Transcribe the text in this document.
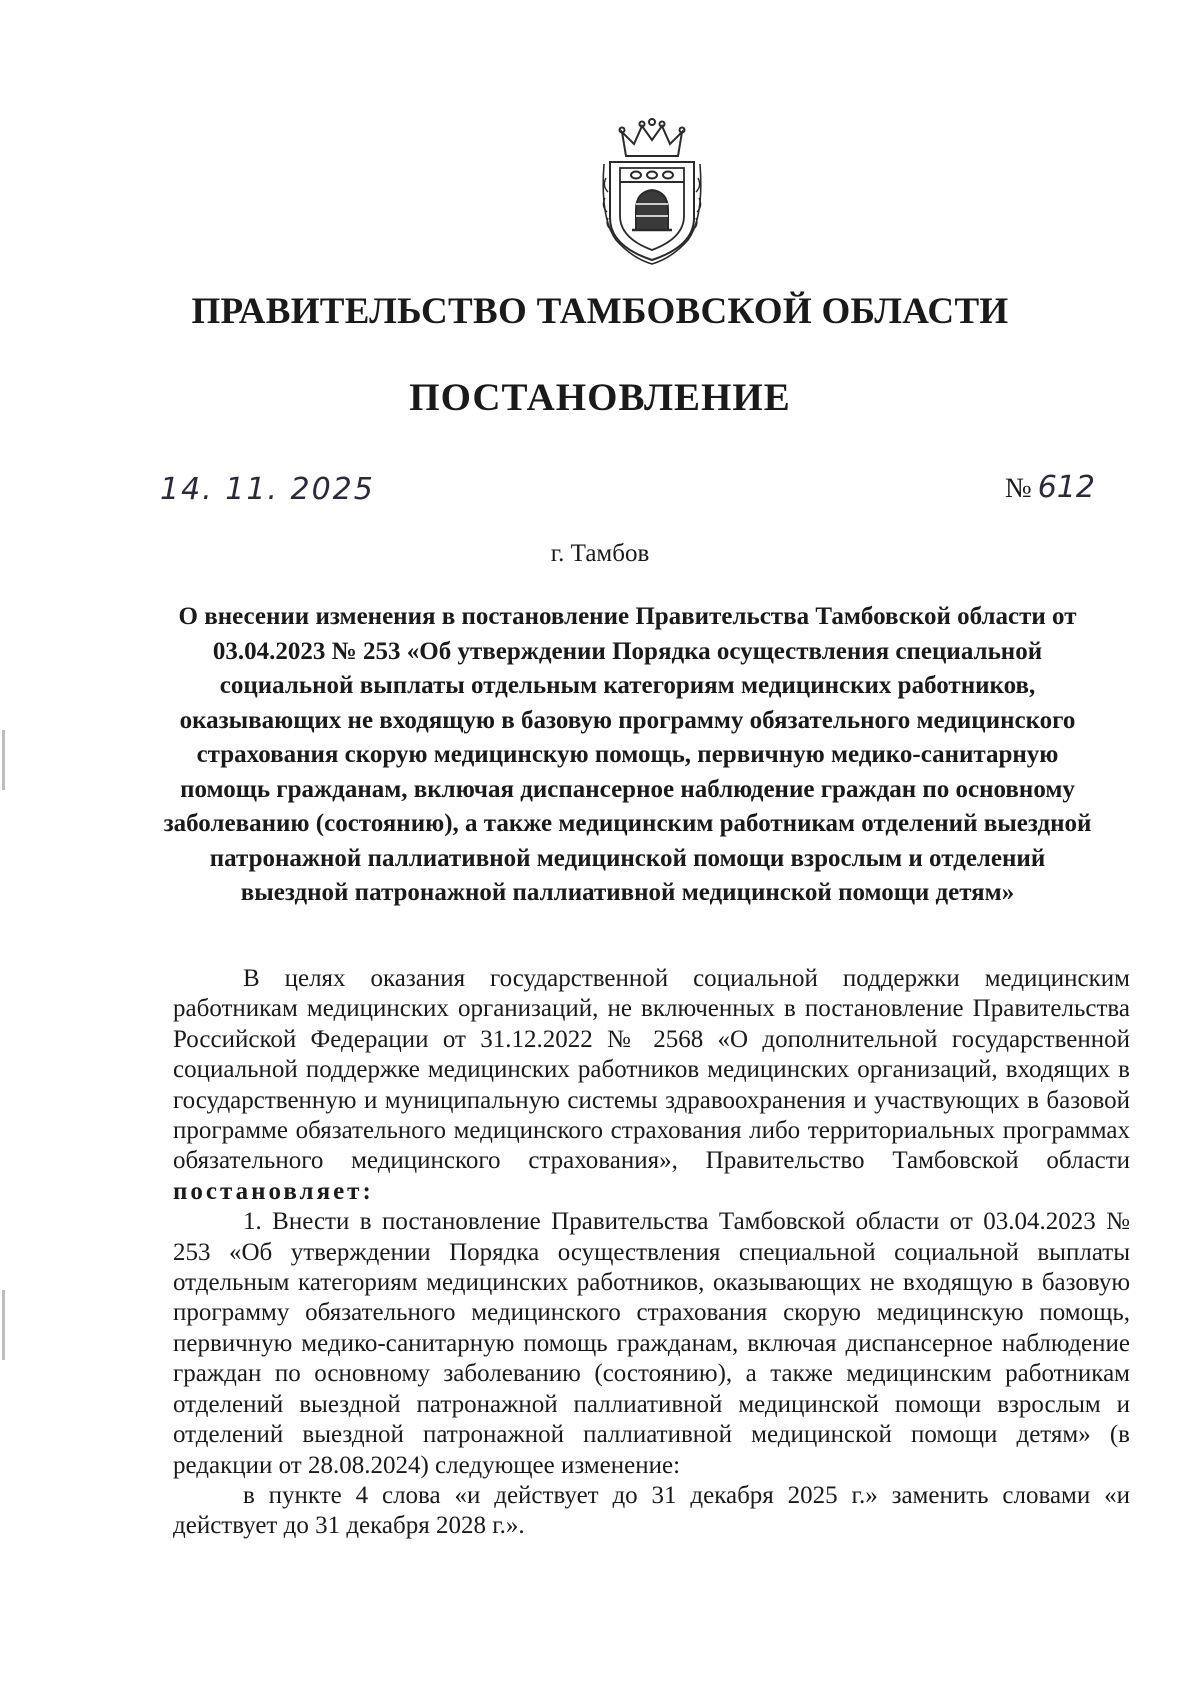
ПРАВИТЕЛЬСТВО ТАМБОВСКОЙ ОБЛАСТИ
ПОСТАНОВЛЕНИЕ
14. 11. 2025	№ 612
г. Тамбов
О внесении изменения в постановление Правительства Тамбовской области от 03.04.2023 № 253 «Об утверждении Порядка осуществления специальной социальной выплаты отдельным категориям медицинских работников, оказывающих не входящую в базовую программу обязательного медицинского страхования скорую медицинскую помощь, первичную медико-санитарную помощь гражданам, включая диспансерное наблюдение граждан по основному заболеванию (состоянию), а также медицинским работникам отделений выездной патронажной паллиативной медицинской помощи взрослым и отделений выездной патронажной паллиативной медицинской помощи детям»

В целях оказания государственной социальной поддержки медицинским работникам медицинских организаций, не включенных в постановление Правительства Российской Федерации от 31.12.2022 № 2568 «О дополнительной государственной социальной поддержке медицинских работников медицинских организаций, входящих в государственную и муниципальную системы здравоохранения и участвующих в базовой программе обязательного медицинского страхования либо территориальных программах обязательного медицинского страхования», Правительство Тамбовской области постановляет:

1. Внести в постановление Правительства Тамбовской области от 03.04.2023 № 253 «Об утверждении Порядка осуществления специальной социальной выплаты отдельным категориям медицинских работников, оказывающих не входящую в базовую программу обязательного медицинского страхования скорую медицинскую помощь, первичную медико-санитарную помощь гражданам, включая диспансерное наблюдение граждан по основному заболеванию (состоянию), а также медицинским работникам отделений выездной патронажной паллиативной медицинской помощи взрослым и отделений выездной патронажной паллиативной медицинской помощи детям» (в редакции от 28.08.2024) следующее изменение:

в пункте 4 слова «и действует до 31 декабря 2025 г.» заменить словами «и действует до 31 декабря 2028 г.».
